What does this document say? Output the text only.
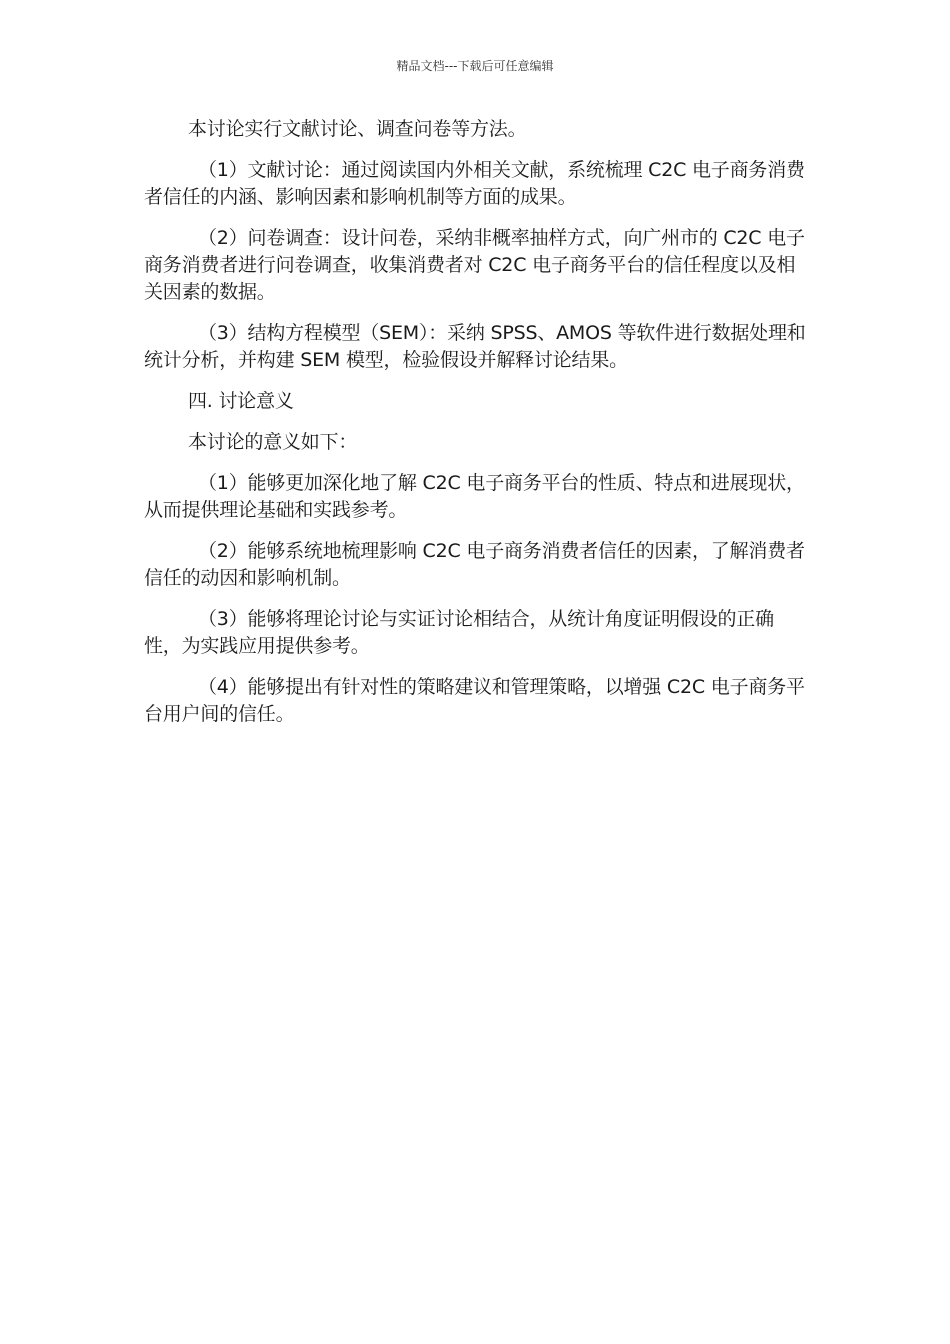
精品文档---下载后可任意编辑

本讨论实行文献讨论、调查问卷等方法。

（1）文献讨论：通过阅读国内外相关文献，系统梳理 C2C 电子商务消费者信任的内涵、影响因素和影响机制等方面的成果。

（2）问卷调查：设计问卷，采纳非概率抽样方式，向广州市的 C2C 电子商务消费者进行问卷调查，收集消费者对 C2C 电子商务平台的信任程度以及相关因素的数据。

（3）结构方程模型（SEM）：采纳 SPSS、AMOS 等软件进行数据处理和统计分析，并构建 SEM 模型，检验假设并解释讨论结果。

四. 讨论意义

本讨论的意义如下：

（1）能够更加深化地了解 C2C 电子商务平台的性质、特点和进展现状，从而提供理论基础和实践参考。

（2）能够系统地梳理影响 C2C 电子商务消费者信任的因素，了解消费者信任的动因和影响机制。

（3）能够将理论讨论与实证讨论相结合，从统计角度证明假设的正确性，为实践应用提供参考。

（4）能够提出有针对性的策略建议和管理策略，以增强 C2C 电子商务平台用户间的信任。
